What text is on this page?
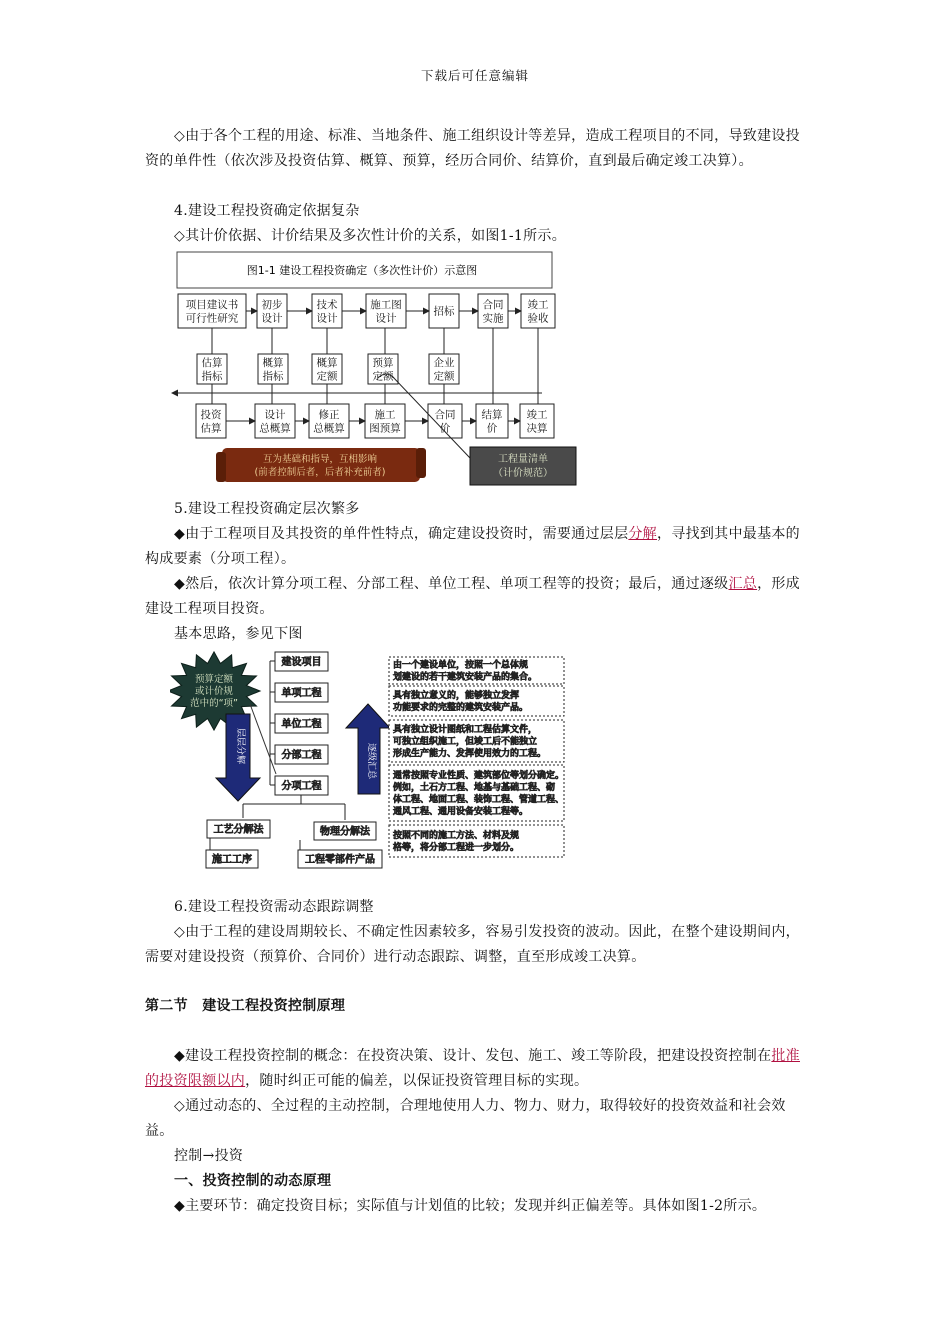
下载后可任意编辑
◇由于各个工程的用途、标准、当地条件、施工组织设计等差异，造成工程项目的不同，导致建设投资的单件性（依次涉及投资估算、概算、预算，经历合同价、结算价，直到最后确定竣工决算）。
4.建设工程投资确定依据复杂
◇其计价依据、计价结果及多次性计价的关系，如图1-1所示。
图1-1 建设工程投资确定（多次性计价）示意图
项目建议书
可行性研究
初步
设计
技术
设计
施工图
设计
招标
合同
实施
竣工
验收
估算
指标
概算
指标
概算
定额
预算
定额
企业
定额
投资
估算
设计
总概算
修正
总概算
施工
图预算
合同
价
结算
价
竣工
决算
互为基础和指导，互相影响
(前者控制后者，后者补充前者)
工程量清单
（计价规范）
5.建设工程投资确定层次繁多
◆由于工程项目及其投资的单件性特点，确定建设投资时，需要通过层层分解，寻找到其中最基本的构成要素（分项工程）。
◆然后，依次计算分项工程、分部工程、单位工程、单项工程等的投资；最后，通过逐级汇总，形成建设工程项目投资。
基本思路，参见下图
预算定额
或计价规
范中的“项”
建设项目
单项工程
单位工程
分部工程
分项工程
层层分解	逐级汇总
工艺分解法	物理分解法
施工工序	工程零部件产品
由一个建设单位，按照一个总体规
划建设的若干建筑安装产品的集合。
具有独立意义的，能够独立发挥
功能要求的完整的建筑安装产品。
具有独立设计图纸和工程估算文件，
可独立组织施工，但竣工后不能独立
形成生产能力、发挥使用效力的工程。
通常按照专业性质、建筑部位等划分确定。
例如，土石方工程、地基与基础工程、砌
体工程、地面工程、装饰工程、管道工程、
通风工程、通用设备安装工程等。
按照不同的施工方法、材料及规
格等，将分部工程进一步划分。
6.建设工程投资需动态跟踪调整
◇由于工程的建设周期较长、不确定性因素较多，容易引发投资的波动。因此，在整个建设期间内，需要对建设投资（预算价、合同价）进行动态跟踪、调整，直至形成竣工决算。
第二节　建设工程投资控制原理
◆建设工程投资控制的概念：在投资决策、设计、发包、施工、竣工等阶段，把建设投资控制在批准的投资限额以内，随时纠正可能的偏差，以保证投资管理目标的实现。
◇通过动态的、全过程的主动控制，合理地使用人力、物力、财力，取得较好的投资效益和社会效益。
控制→投资
一、投资控制的动态原理
◆主要环节：确定投资目标；实际值与计划值的比较；发现并纠正偏差等。具体如图1-2所示。
